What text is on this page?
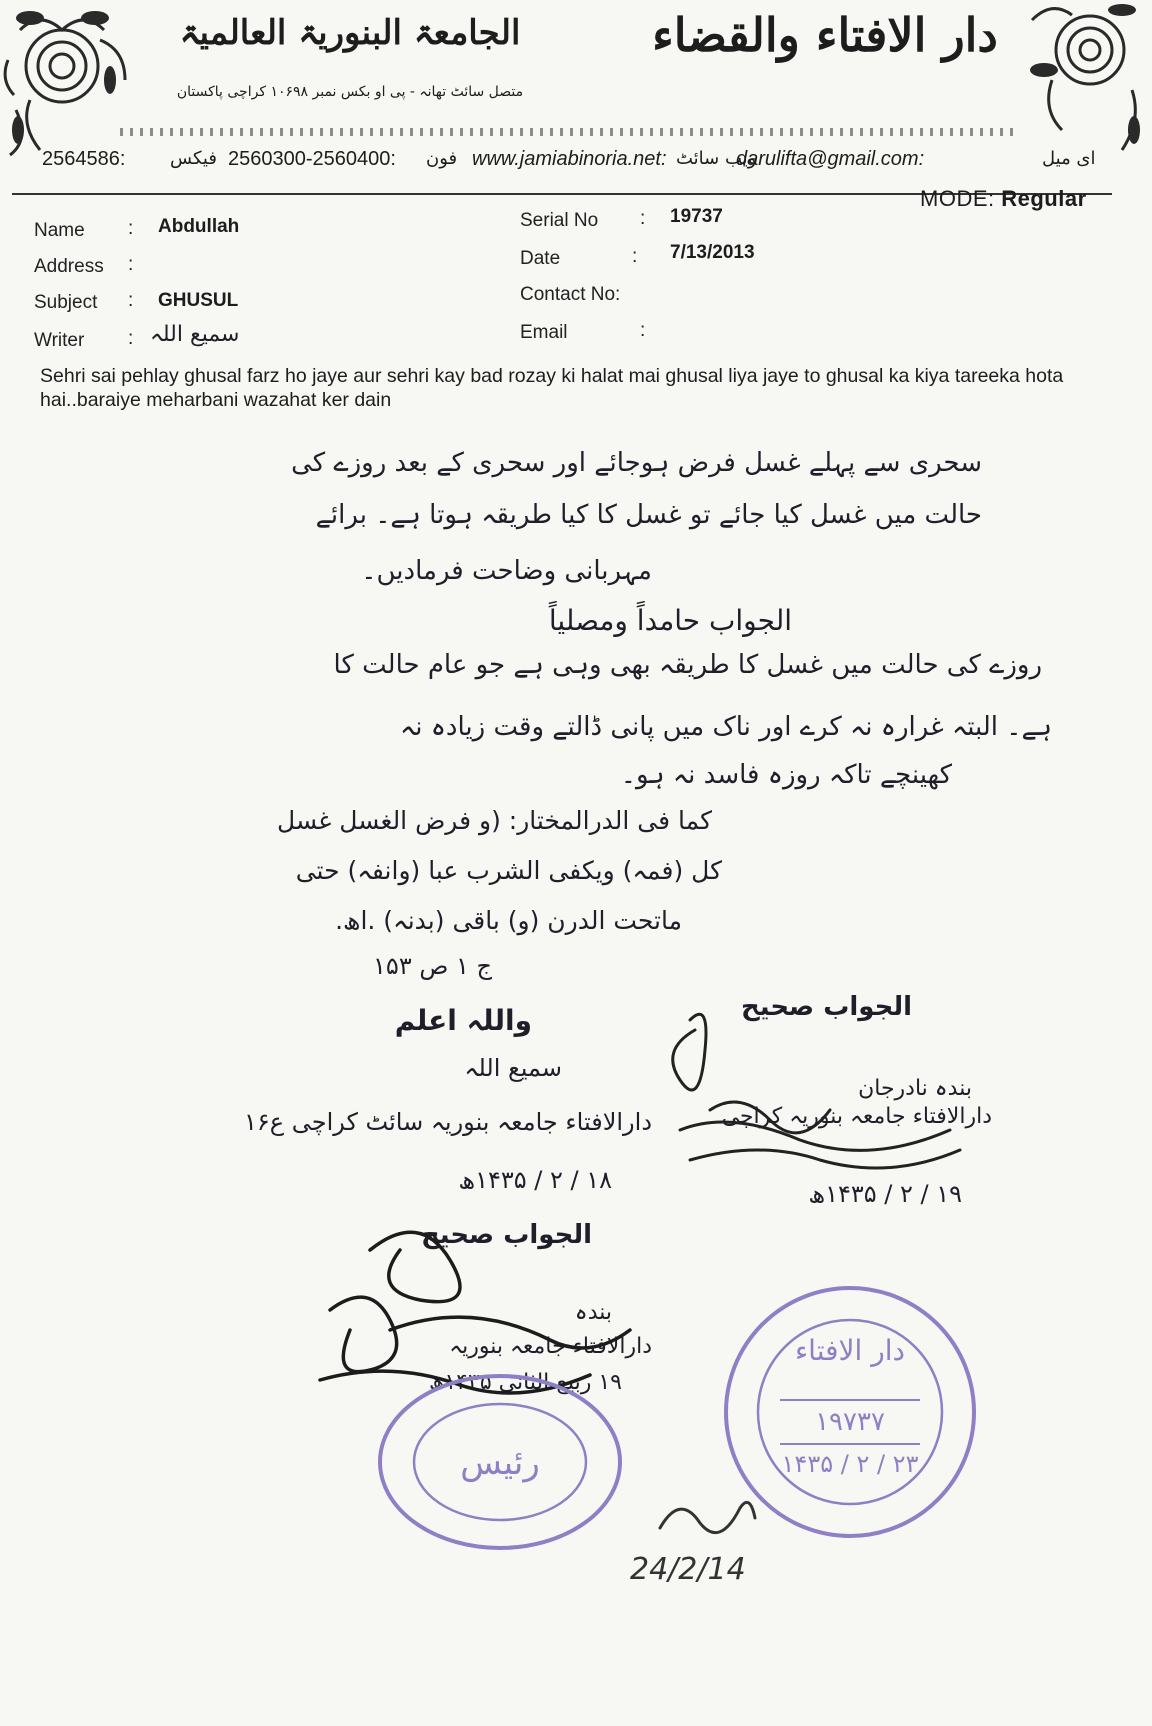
الجامعۃ البنوریۃ العالمیۃ
متصل سائٹ تھانہ - پی او بکس نمبر ۱۰۶۹۸ کراچی پاکستان
دار الافتاء والقضاء
2564586: فیکس 2560300-2560400: فون www.jamiabinoria.net: ویب سائٹ
darulifta@gmail.com:	ای میل
MODE: Regular
Name : Abdullah
Address :
Subject : GHUSUL
Writer : سمیع اللہ
Serial No : 19737
Date	: 7/13/2013
Contact No:
Email	:
Sehri sai pehlay ghusal farz ho jaye aur sehri kay bad rozay ki halat mai ghusal liya jaye to ghusal ka kiya tareeka hota hai..baraiye meharbani wazahat ker dain
سحری سے پہلے غسل فرض ہوجائے اور سحری کے بعد روزے کی
حالت میں غسل کیا جائے تو غسل کا کیا طریقہ ہوتا ہے۔ برائے
مہربانی وضاحت فرمادیں۔
الجواب حامداً ومصلیاً
روزے کی حالت میں غسل کا طریقہ بھی وہی ہے جو عام حالت کا
ہے۔ البتہ غرارہ نہ کرے اور ناک میں پانی ڈالتے وقت زیادہ نہ
کھینچے تاکہ روزہ فاسد نہ ہو۔
کما فی الدرالمختار: (و فرض الغسل غسل
کل (فمہ) ویکفی الشرب عبا (وانفہ) حتی
ماتحت الدرن (و) باقی (بدنہ) .اھ.
ج ۱ ص ۱۵۳
واللہ اعلم
سمیع اللہ
دارالافتاء جامعہ بنوریہ سائٹ کراچی ع۱۶
۱۸ / ۲ / ۱۴۳۵ھ
الجواب صحیح
بندہ نادرجان
دارالافتاء جامعہ بنوریہ کراچی
۱۹ / ۲ / ۱۴۳۵ھ
الجواب صحیح
بندہ
دارالافتاء جامعہ بنوریہ
۱۹ ربیع الثانی ۱۴۳۵ھ
دار الافتاء
۱۹۷۳۷
۱۴۳۵ / ۲ / ۲۳
رئیس
24/2/14
